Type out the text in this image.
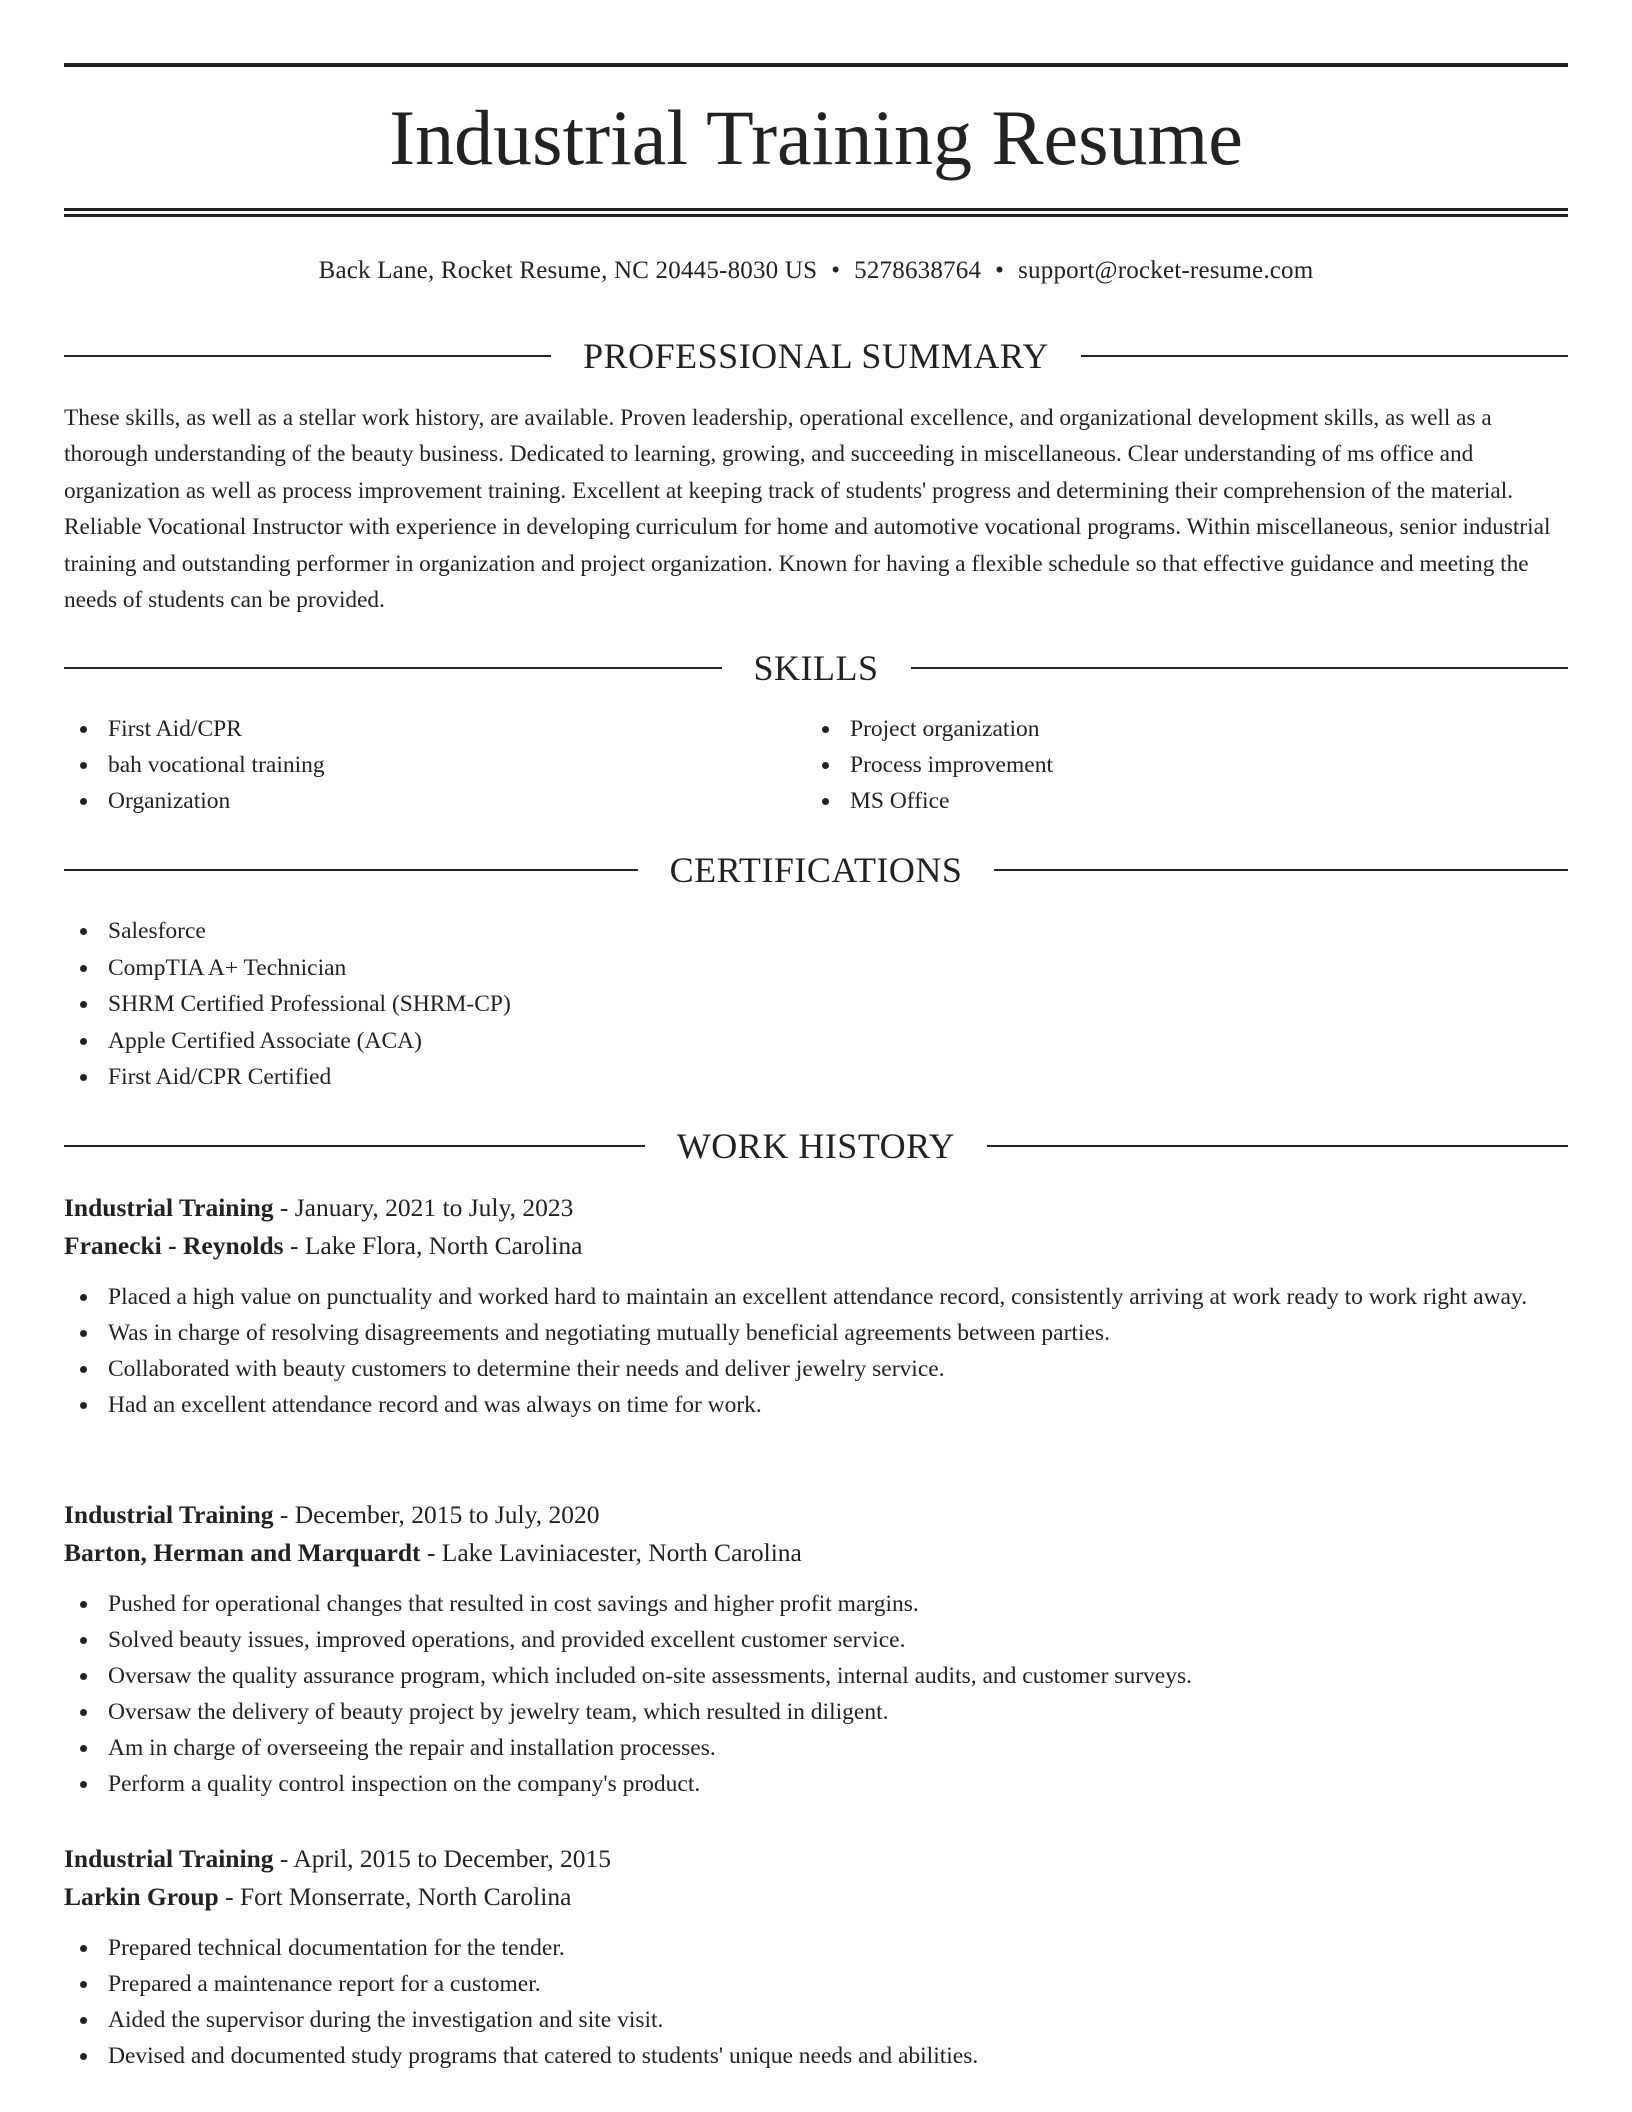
Industrial Training Resume
Back Lane, Rocket Resume, NC 20445-8030 US • 5278638764 • support@rocket-resume.com
PROFESSIONAL SUMMARY

These skills, as well as a stellar work history, are available. Proven leadership, operational excellence, and organizational development skills, as well as a thorough understanding of the beauty business. Dedicated to learning, growing, and succeeding in miscellaneous. Clear understanding of ms office and organization as well as process improvement training. Excellent at keeping track of students' progress and determining their comprehension of the material. Reliable Vocational Instructor with experience in developing curriculum for home and automotive vocational programs. Within miscellaneous, senior industrial training and outstanding performer in organization and project organization. Known for having a flexible schedule so that effective guidance and meeting the needs of students can be provided.

SKILLS
First Aid/CPR
bah vocational training
Organization
Project organization
Process improvement
MS Office
CERTIFICATIONS
Salesforce
CompTIA A+ Technician
SHRM Certified Professional (SHRM-CP)
Apple Certified Associate (ACA)
First Aid/CPR Certified
WORK HISTORY
Industrial Training - January, 2021 to July, 2023
Franecki - Reynolds - Lake Flora, North Carolina
Placed a high value on punctuality and worked hard to maintain an excellent attendance record, consistently arriving at work ready to work right away.
Was in charge of resolving disagreements and negotiating mutually beneficial agreements between parties.
Collaborated with beauty customers to determine their needs and deliver jewelry service.
Had an excellent attendance record and was always on time for work.
Industrial Training - December, 2015 to July, 2020
Barton, Herman and Marquardt - Lake Laviniacester, North Carolina
Pushed for operational changes that resulted in cost savings and higher profit margins.
Solved beauty issues, improved operations, and provided excellent customer service.
Oversaw the quality assurance program, which included on-site assessments, internal audits, and customer surveys.
Oversaw the delivery of beauty project by jewelry team, which resulted in diligent.
Am in charge of overseeing the repair and installation processes.
Perform a quality control inspection on the company's product.
Industrial Training - April, 2015 to December, 2015
Larkin Group - Fort Monserrate, North Carolina
Prepared technical documentation for the tender.
Prepared a maintenance report for a customer.
Aided the supervisor during the investigation and site visit.
Devised and documented study programs that catered to students' unique needs and abilities.
